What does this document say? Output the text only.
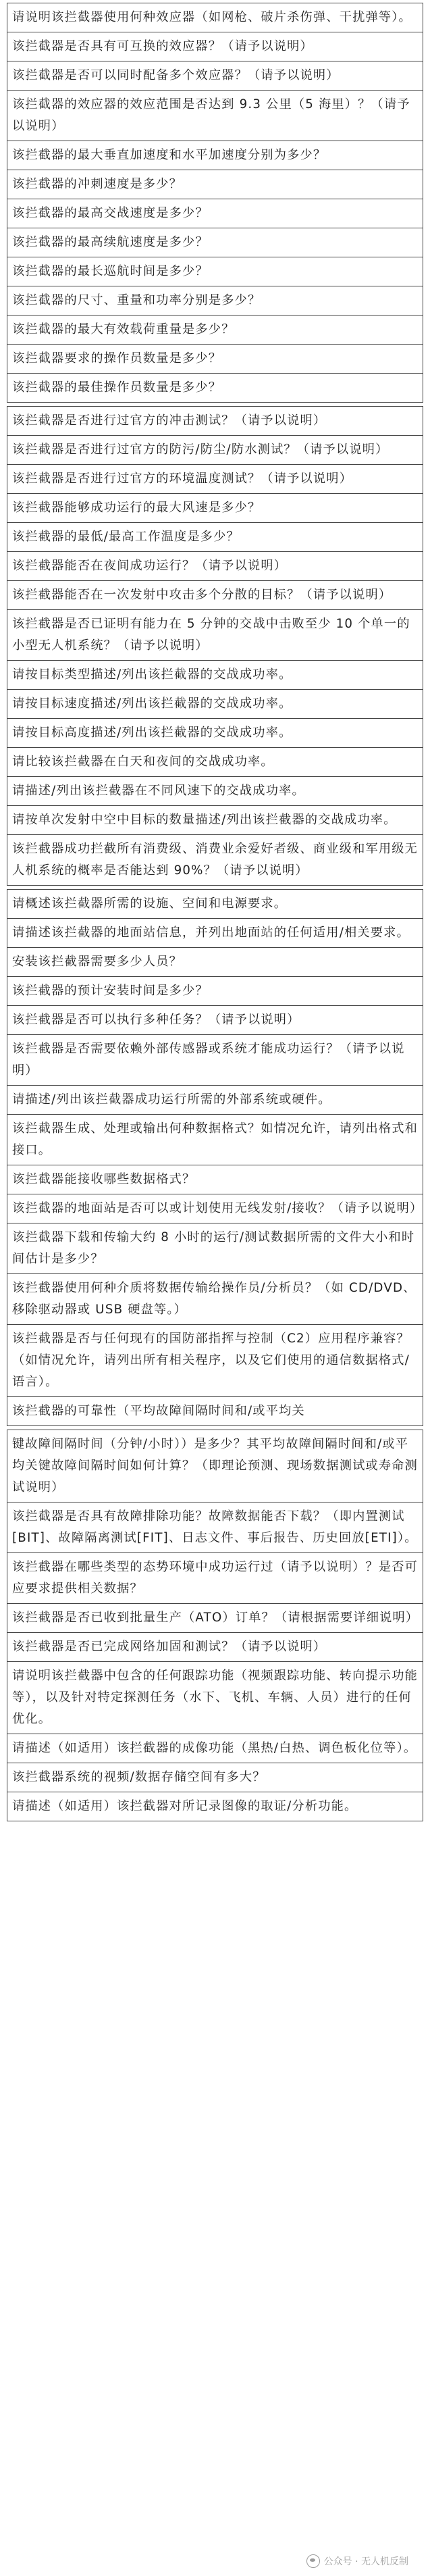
请说明该拦截器使用何种效应器（如网枪、破片杀伤弹、干扰弹等）。
该拦截器是否具有可互换的效应器？（请予以说明）
该拦截器是否可以同时配备多个效应器？（请予以说明）
该拦截器的效应器的效应范围是否达到 9.3 公里（5 海里）？（请予以说明）
该拦截器的最大垂直加速度和水平加速度分别为多少？
该拦截器的冲刺速度是多少？
该拦截器的最高交战速度是多少？
该拦截器的最高续航速度是多少？
该拦截器的最长巡航时间是多少？
该拦截器的尺寸、重量和功率分别是多少？
该拦截器的最大有效载荷重量是多少？
该拦截器要求的操作员数量是多少？
该拦截器的最佳操作员数量是多少？
该拦截器是否进行过官方的冲击测试？（请予以说明）
该拦截器是否进行过官方的防污/防尘/防水测试？（请予以说明）
该拦截器是否进行过官方的环境温度测试？（请予以说明）
该拦截器能够成功运行的最大风速是多少？
该拦截器的最低/最高工作温度是多少？
该拦截器能否在夜间成功运行？（请予以说明）
该拦截器能否在一次发射中攻击多个分散的目标？（请予以说明）
该拦截器是否已证明有能力在 5 分钟的交战中击败至少 10 个单一的小型无人机系统？（请予以说明）
请按目标类型描述/列出该拦截器的交战成功率。
请按目标速度描述/列出该拦截器的交战成功率。
请按目标高度描述/列出该拦截器的交战成功率。
请比较该拦截器在白天和夜间的交战成功率。
请描述/列出该拦截器在不同风速下的交战成功率。
请按单次发射中空中目标的数量描述/列出该拦截器的交战成功率。
该拦截器成功拦截所有消费级、消费业余爱好者级、商业级和军用级无人机系统的概率是否能达到 90%？（请予以说明）
请概述该拦截器所需的设施、空间和电源要求。
请描述该拦截器的地面站信息，并列出地面站的任何适用/相关要求。
安装该拦截器需要多少人员？
该拦截器的预计安装时间是多少？
该拦截器是否可以执行多种任务？（请予以说明）
该拦截器是否需要依赖外部传感器或系统才能成功运行？（请予以说明）
请描述/列出该拦截器成功运行所需的外部系统或硬件。
该拦截器生成、处理或输出何种数据格式？如情况允许，请列出格式和接口。
该拦截器能接收哪些数据格式？
该拦截器的地面站是否可以或计划使用无线发射/接收？（请予以说明）
该拦截器下载和传输大约 8 小时的运行/测试数据所需的文件大小和时间估计是多少？
该拦截器使用何种介质将数据传输给操作员/分析员？（如 CD/DVD、移除驱动器或 USB 硬盘等。）
该拦截器是否与任何现有的国防部指挥与控制（C2）应用程序兼容？（如情况允许，请列出所有相关程序，以及它们使用的通信数据格式/语言）。
该拦截器的可靠性（平均故障间隔时间和/或平均关
键故障间隔时间（分钟/小时））是多少？其平均故障间隔时间和/或平均关键故障间隔时间如何计算？（即理论预测、现场数据测试或寿命测试说明）
该拦截器是否具有故障排除功能？故障数据能否下载？（即内置测试[BIT]、故障隔离测试[FIT]、日志文件、事后报告、历史回放[ETI]）。
该拦截器在哪些类型的态势环境中成功运行过（请予以说明）？是否可应要求提供相关数据？
该拦截器是否已收到批量生产（ATO）订单？（请根据需要详细说明）
该拦截器是否已完成网络加固和测试？（请予以说明）
请说明该拦截器中包含的任何跟踪功能（视频跟踪功能、转向提示功能等），以及针对特定探测任务（水下、飞机、车辆、人员）进行的任何优化。
请描述（如适用）该拦截器的成像功能（黑热/白热、调色板化位等）。
该拦截器系统的视频/数据存储空间有多大？
请描述（如适用）该拦截器对所记录图像的取证/分析功能。
公众号 · 无人机反制
